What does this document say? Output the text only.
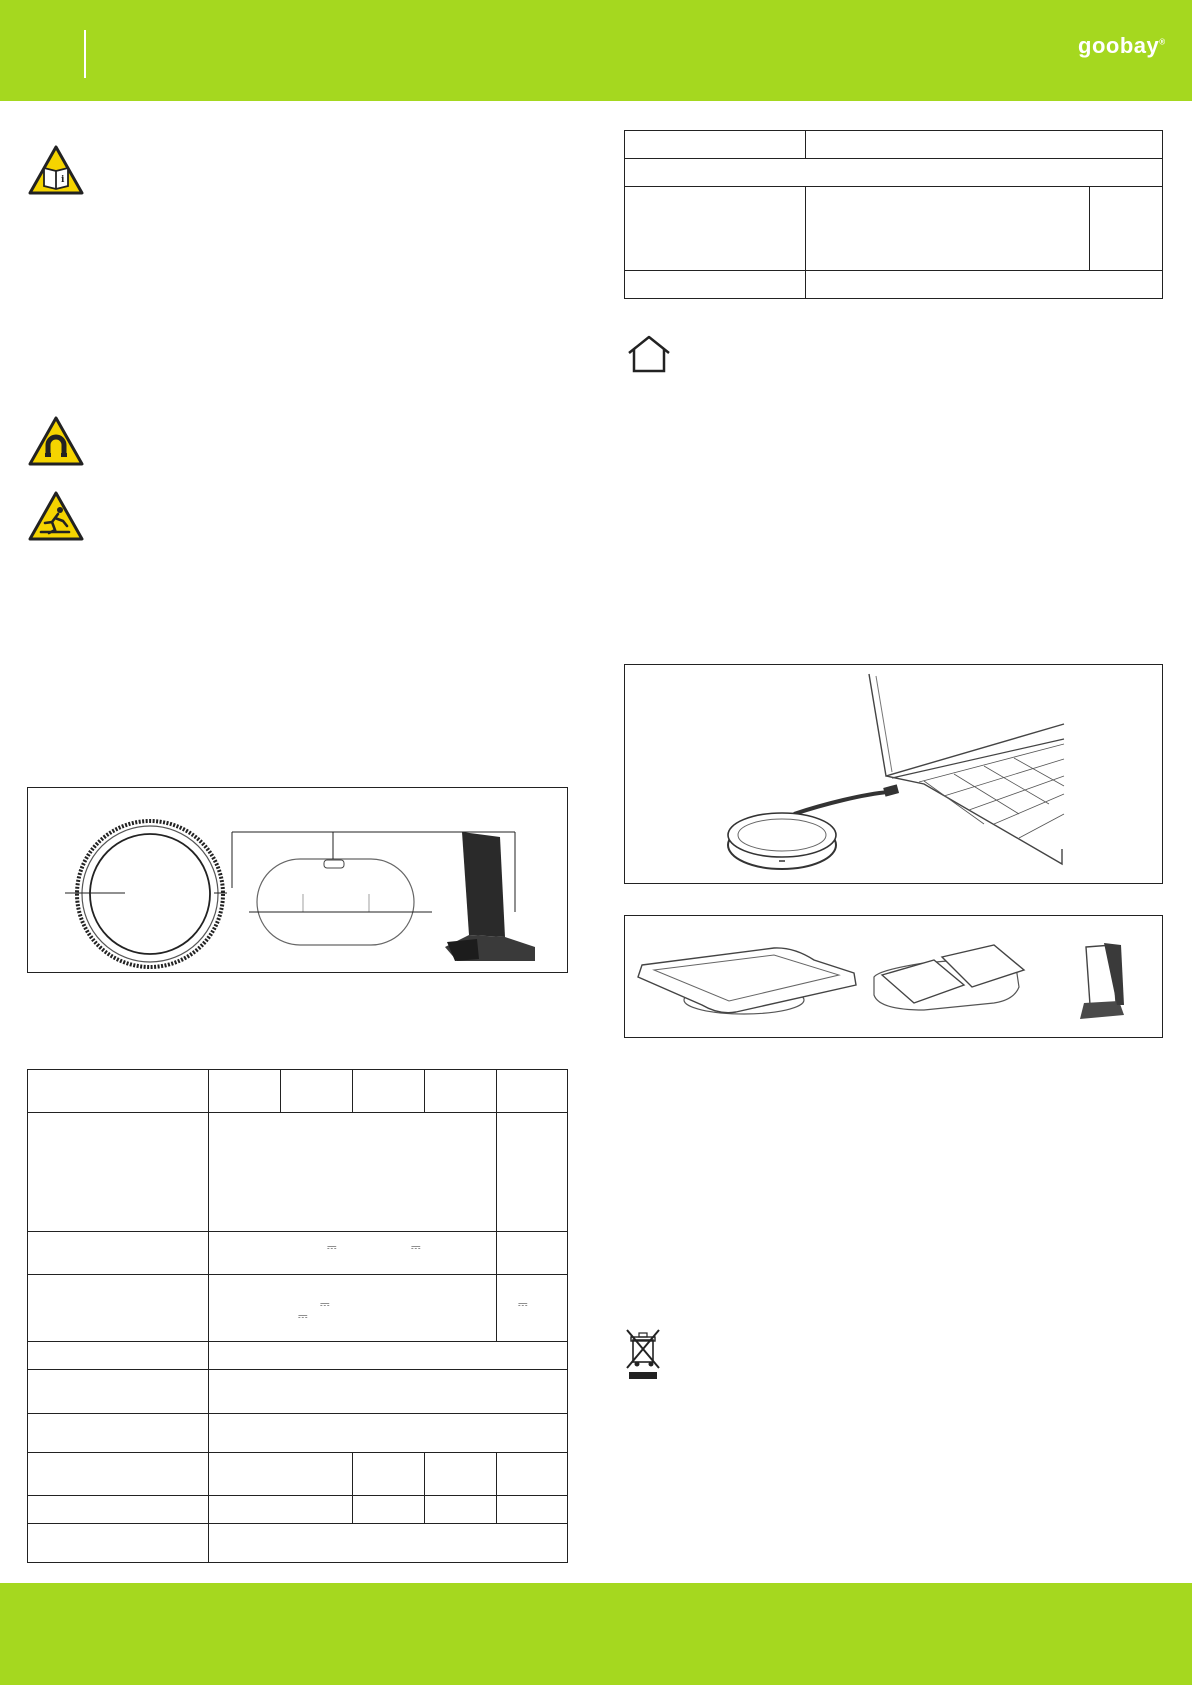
goobay®
i
⎓	⎓
⎓
⎓
⎓
